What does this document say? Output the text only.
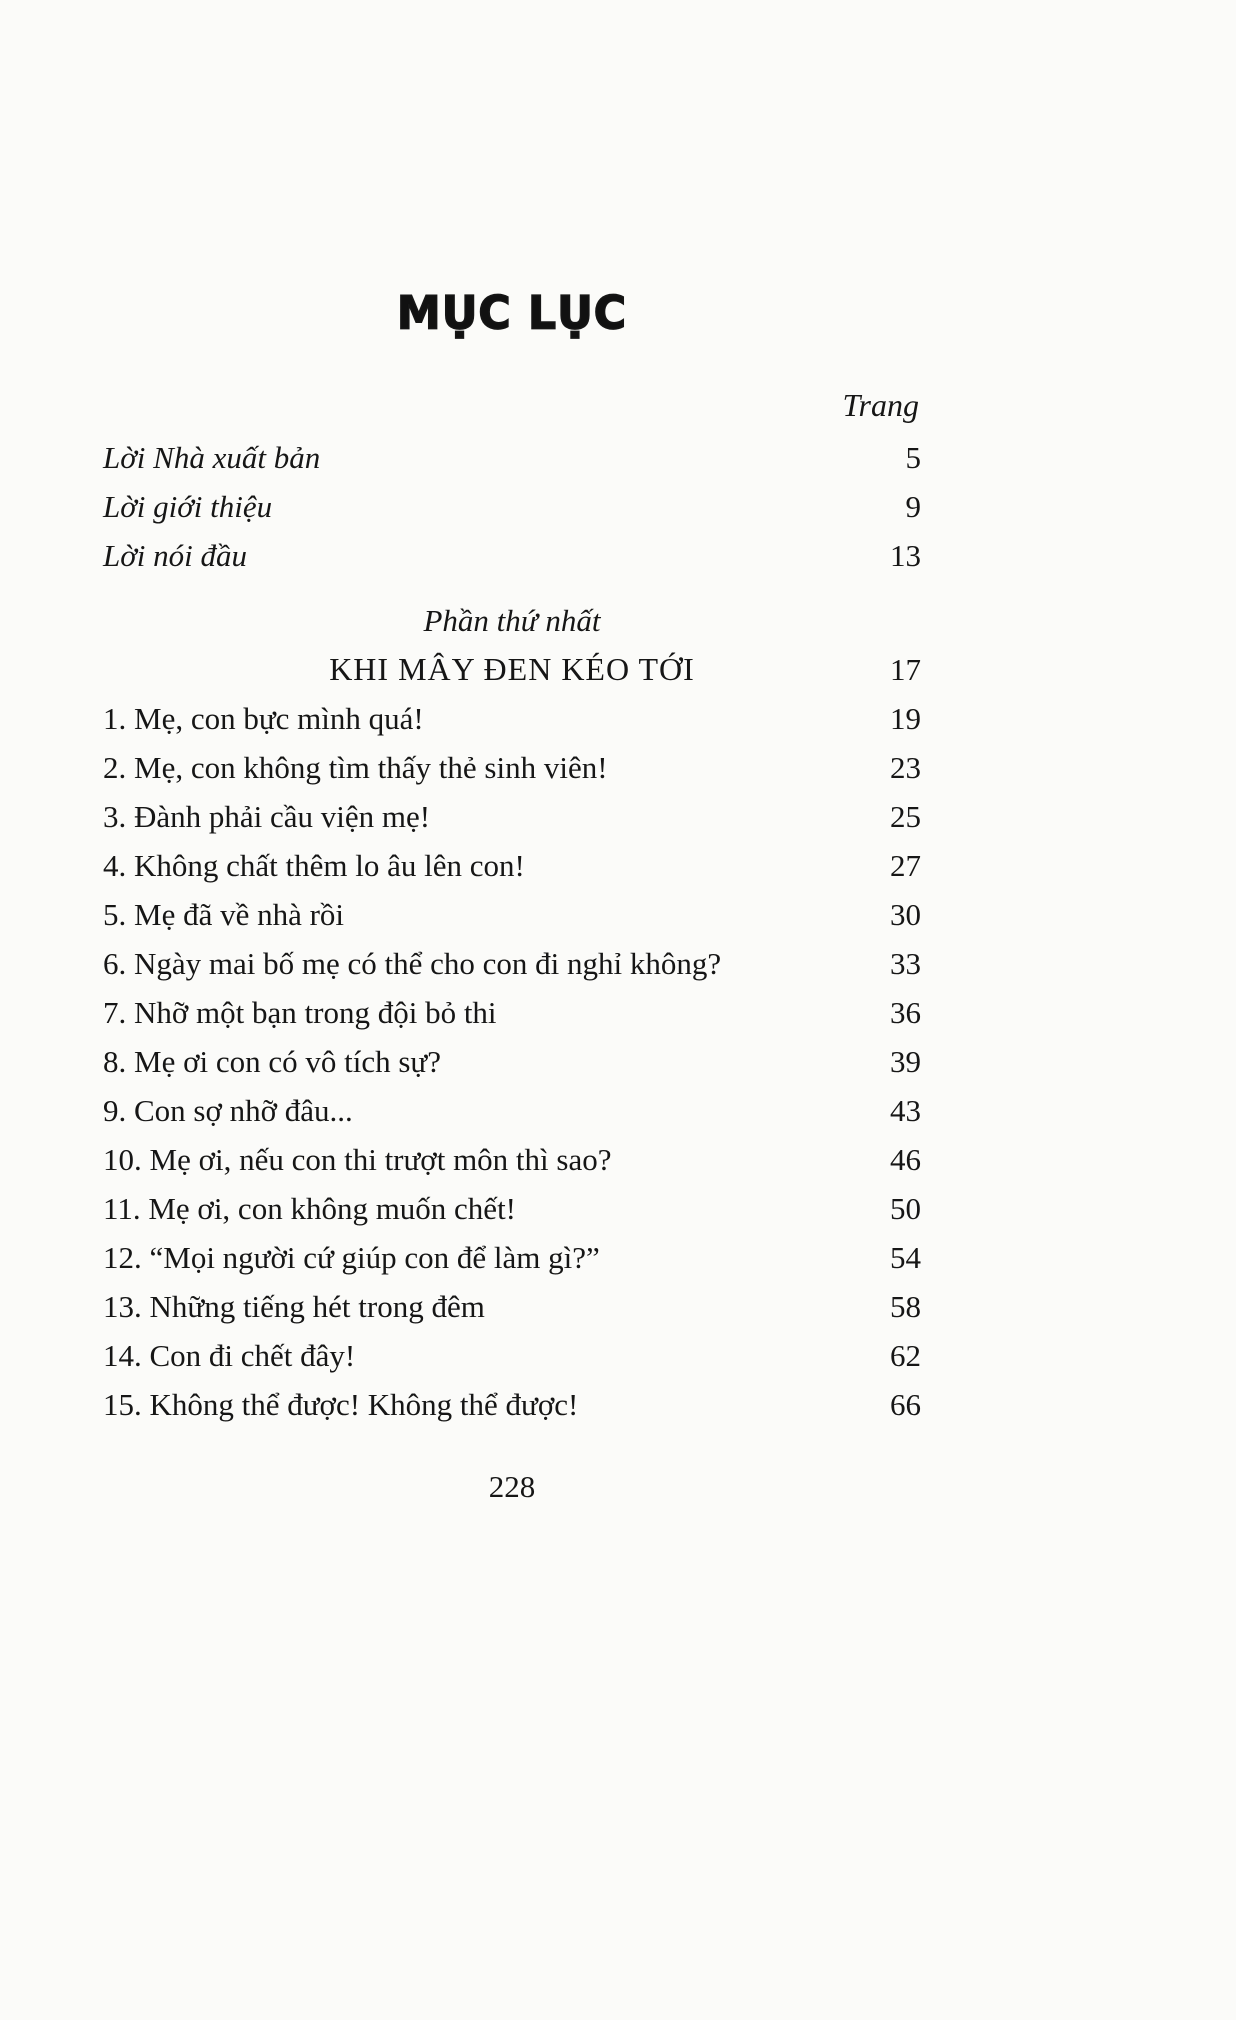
MỤC LỤC
Trang
Lời Nhà xuất bản	5
Lời giới thiệu	9
Lời nói đầu	13
Phần thứ nhất
KHI MÂY ĐEN KÉO TỚI	17
1. Mẹ, con bực mình quá!	19
2. Mẹ, con không tìm thấy thẻ sinh viên!	23
3. Đành phải cầu viện mẹ!	25
4. Không chất thêm lo âu lên con!	27
5. Mẹ đã về nhà rồi	30
6. Ngày mai bố mẹ có thể cho con đi nghỉ không?	33
7. Nhỡ một bạn trong đội bỏ thi	36
8. Mẹ ơi con có vô tích sự?	39
9. Con sợ nhỡ đâu...	43
10. Mẹ ơi, nếu con thi trượt môn thì sao?	46
11. Mẹ ơi, con không muốn chết!	50
12. “Mọi người cứ giúp con để làm gì?”	54
13. Những tiếng hét trong đêm	58
14. Con đi chết đây!	62
15. Không thể được! Không thể được!	66
228
